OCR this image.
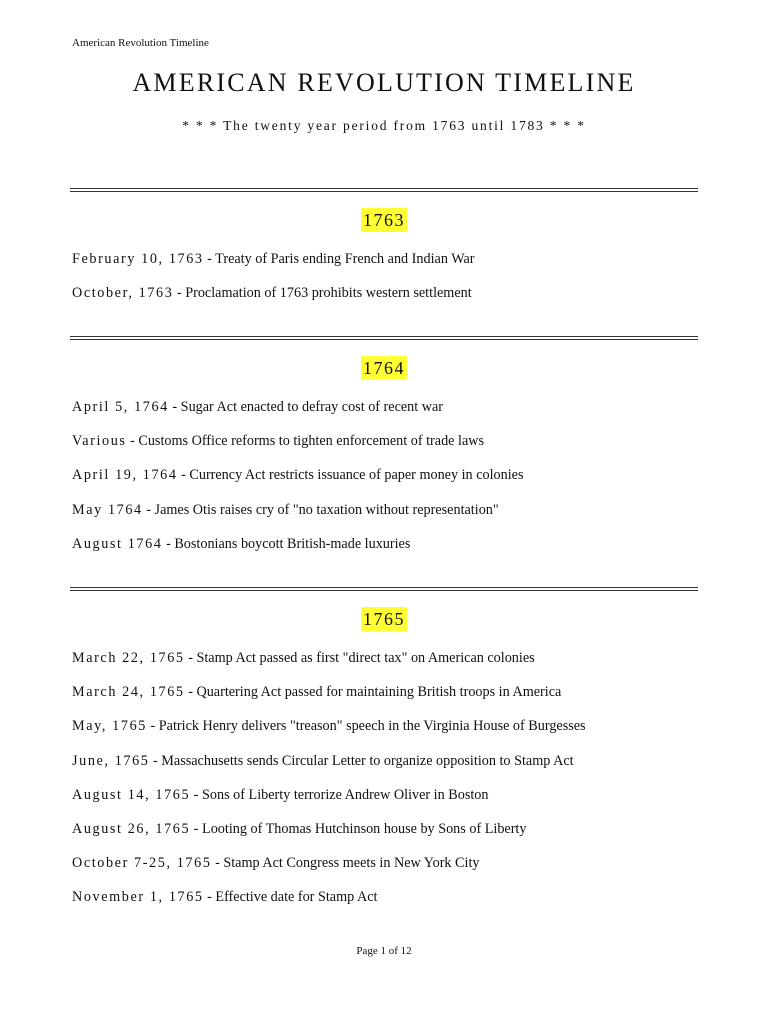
American Revolution Timeline
AMERICAN REVOLUTION TIMELINE
* * * The twenty year period from 1763 until 1783 * * *
1763
February 10, 1763 - Treaty of Paris ending French and Indian War
October, 1763 - Proclamation of 1763 prohibits western settlement
1764
April 5, 1764 - Sugar Act enacted to defray cost of recent war
Various - Customs Office reforms to tighten enforcement of trade laws
April 19, 1764 - Currency Act restricts issuance of paper money in colonies
May 1764 - James Otis raises cry of "no taxation without representation"
August 1764 - Bostonians boycott British-made luxuries
1765
March 22, 1765 - Stamp Act passed as first "direct tax" on American colonies
March 24, 1765 - Quartering Act passed for maintaining British troops in America
May, 1765 - Patrick Henry delivers "treason" speech in the Virginia House of Burgesses
June, 1765 - Massachusetts sends Circular Letter to organize opposition to Stamp Act
August 14, 1765 - Sons of Liberty terrorize Andrew Oliver in Boston
August 26, 1765 - Looting of Thomas Hutchinson house by Sons of Liberty
October 7-25, 1765 - Stamp Act Congress meets in New York City
November 1, 1765 - Effective date for Stamp Act
Page 1 of 12
